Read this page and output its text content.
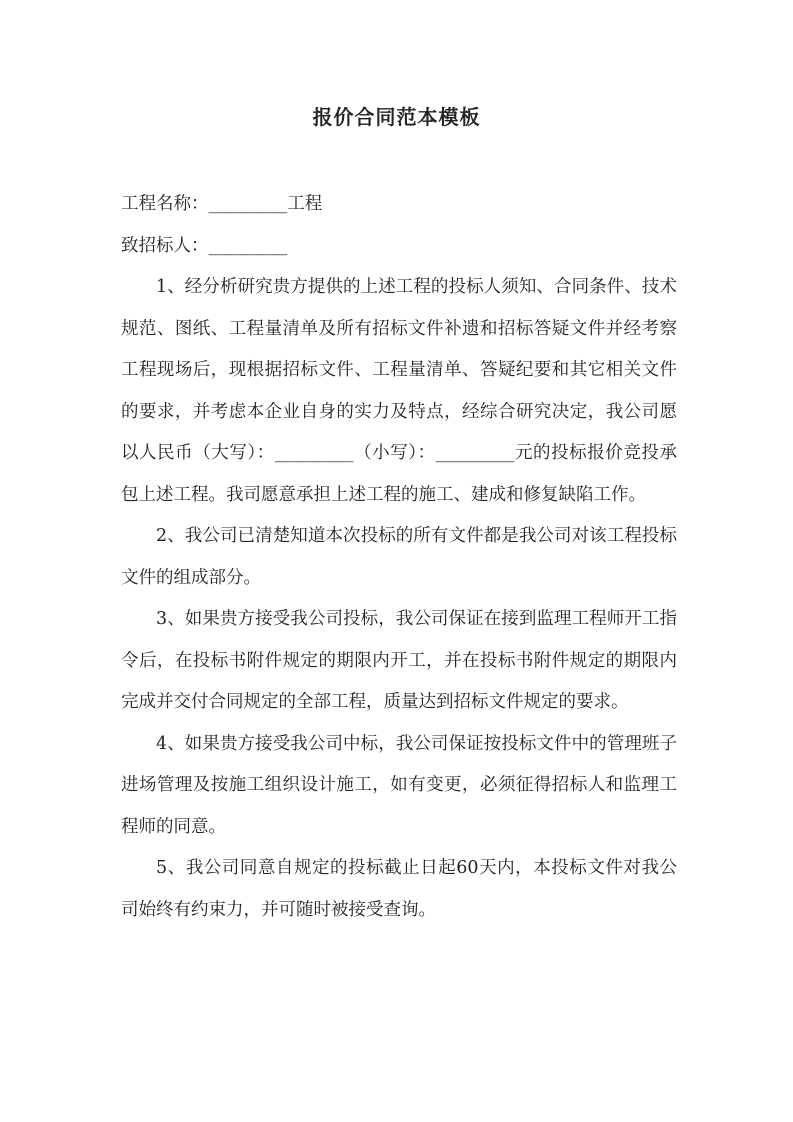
报价合同范本模板
工程名称：_________工程
致招标人：_________
1、经分析研究贵方提供的上述工程的投标人须知、合同条件、技术规范、图纸、工程量清单及所有招标文件补遗和招标答疑文件并经考察工程现场后，现根据招标文件、工程量清单、答疑纪要和其它相关文件的要求，并考虑本企业自身的实力及特点，经综合研究决定，我公司愿以人民币（大写）：_________（小写）：_________元的投标报价竞投承包上述工程。我司愿意承担上述工程的施工、建成和修复缺陷工作。
2、我公司已清楚知道本次投标的所有文件都是我公司对该工程投标文件的组成部分。
3、如果贵方接受我公司投标，我公司保证在接到监理工程师开工指令后，在投标书附件规定的期限内开工，并在投标书附件规定的期限内完成并交付合同规定的全部工程，质量达到招标文件规定的要求。
4、如果贵方接受我公司中标，我公司保证按投标文件中的管理班子进场管理及按施工组织设计施工，如有变更，必须征得招标人和监理工程师的同意。
5、我公司同意自规定的投标截止日起60天内，本投标文件对我公司始终有约束力，并可随时被接受查询。
